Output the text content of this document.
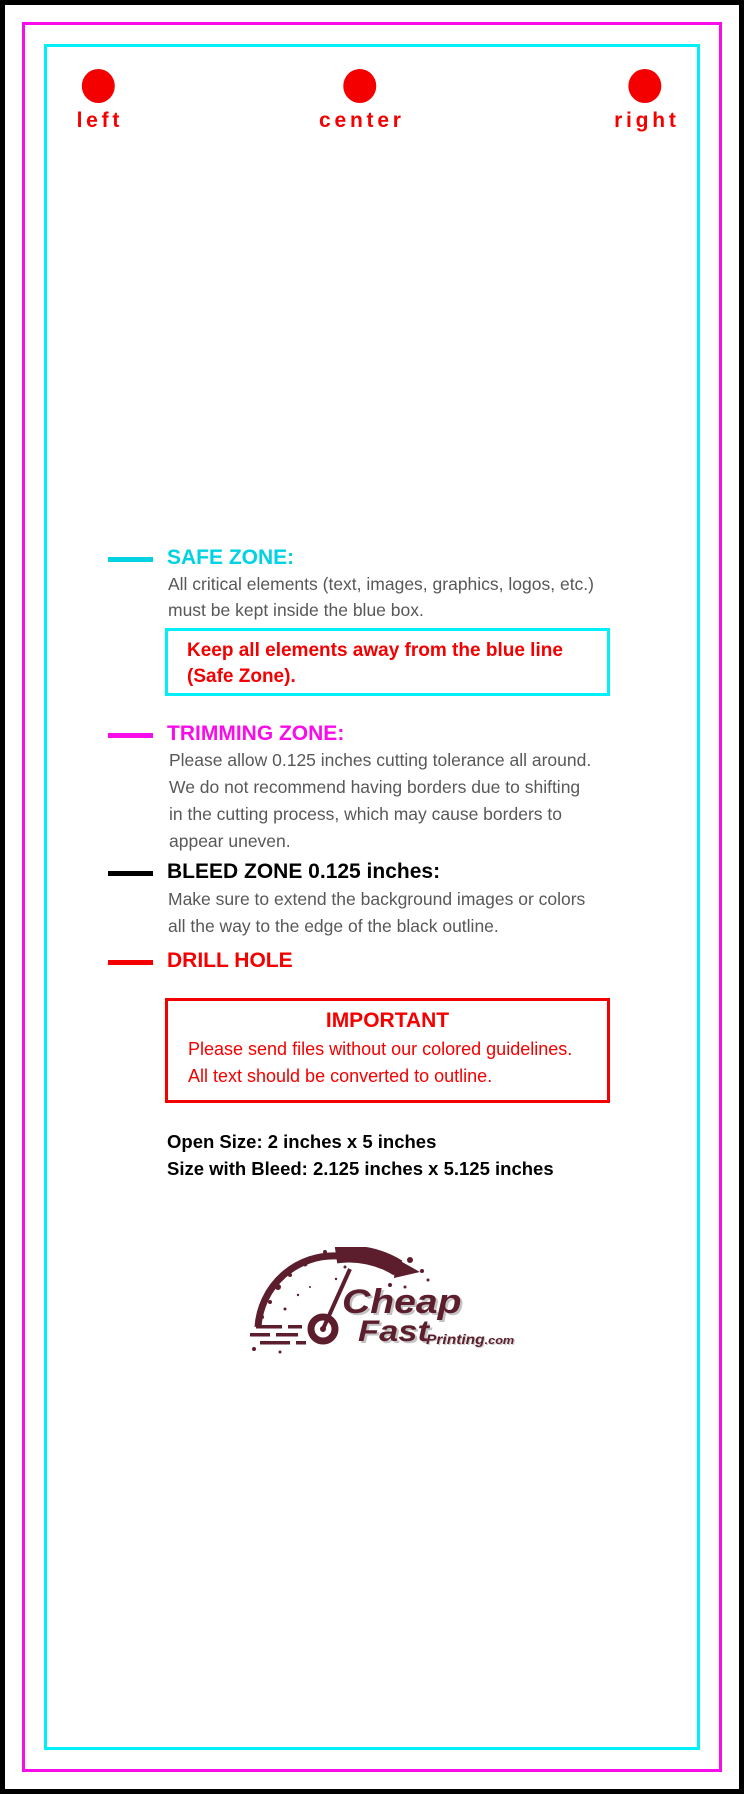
left	center	right
SAFE ZONE:
All critical elements (text, images, graphics, logos, etc.)
must be kept inside the blue box.
Keep all elements away from the blue line
(Safe Zone).
TRIMMING ZONE:
Please allow 0.125 inches cutting tolerance all around.
We do not recommend having borders due to shifting
in the cutting process, which may cause borders to
appear uneven.
BLEED ZONE 0.125 inches:
Make sure to extend the background images or colors
all the way to the edge of the black outline.
DRILL HOLE
IMPORTANT
Please send files without our colored guidelines.
All text should be converted to outline.
Open Size: 2 inches x 5 inches
Size with Bleed: 2.125 inches x 5.125 inches
Cheap
Fast
Printing.com
